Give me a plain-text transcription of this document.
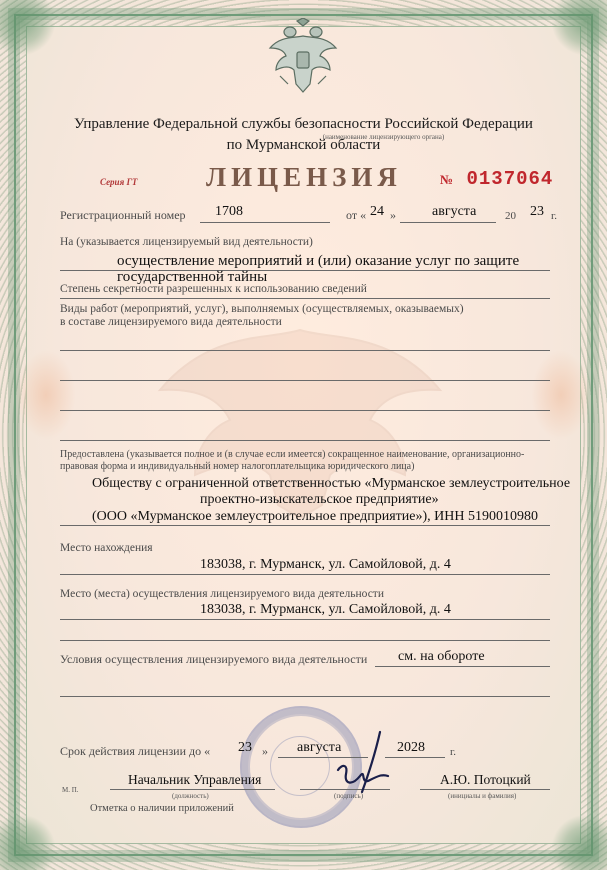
Управление Федеральной службы безопасности Российской Федерации
(наименование лицензирующего органа)
по Мурманской области
Серия ГТ	ЛИЦЕНЗИЯ	№ 0137064
Регистрационный номер 1708	от « 24 »	августа	20 23 г.
На (указывается лицензируемый вид деятельности)
осуществление мероприятий и (или) оказание услуг по защите
государственной тайны
Степень секретности разрешенных к использованию сведений
Виды работ (мероприятий, услуг), выполняемых (осуществляемых, оказываемых)
в составе лицензируемого вида деятельности
Предоставлена (указывается полное и (в случае если имеется) сокращенное наименование, организационно-
правовая форма и индивидуальный номер налогоплательщика юридического лица)
Обществу с ограниченной ответственностью «Мурманское землеустроительное
проектно-изыскательское предприятие»
(ООО «Мурманское землеустроительное предприятие»), ИНН 5190010980
Место нахождения
183038, г. Мурманск, ул. Самойловой, д. 4
Место (места) осуществления лицензируемого вида деятельности
183038, г. Мурманск, ул. Самойловой, д. 4
Условия осуществления лицензируемого вида деятельности см. на обороте
Срок действия лицензии до « 23 » августа	2028 г.
М. П.
Начальник Управления
(должность)	(подпись)
А.Ю. Потоцкий
(инициалы и фамилия)
Отметка о наличии приложений
